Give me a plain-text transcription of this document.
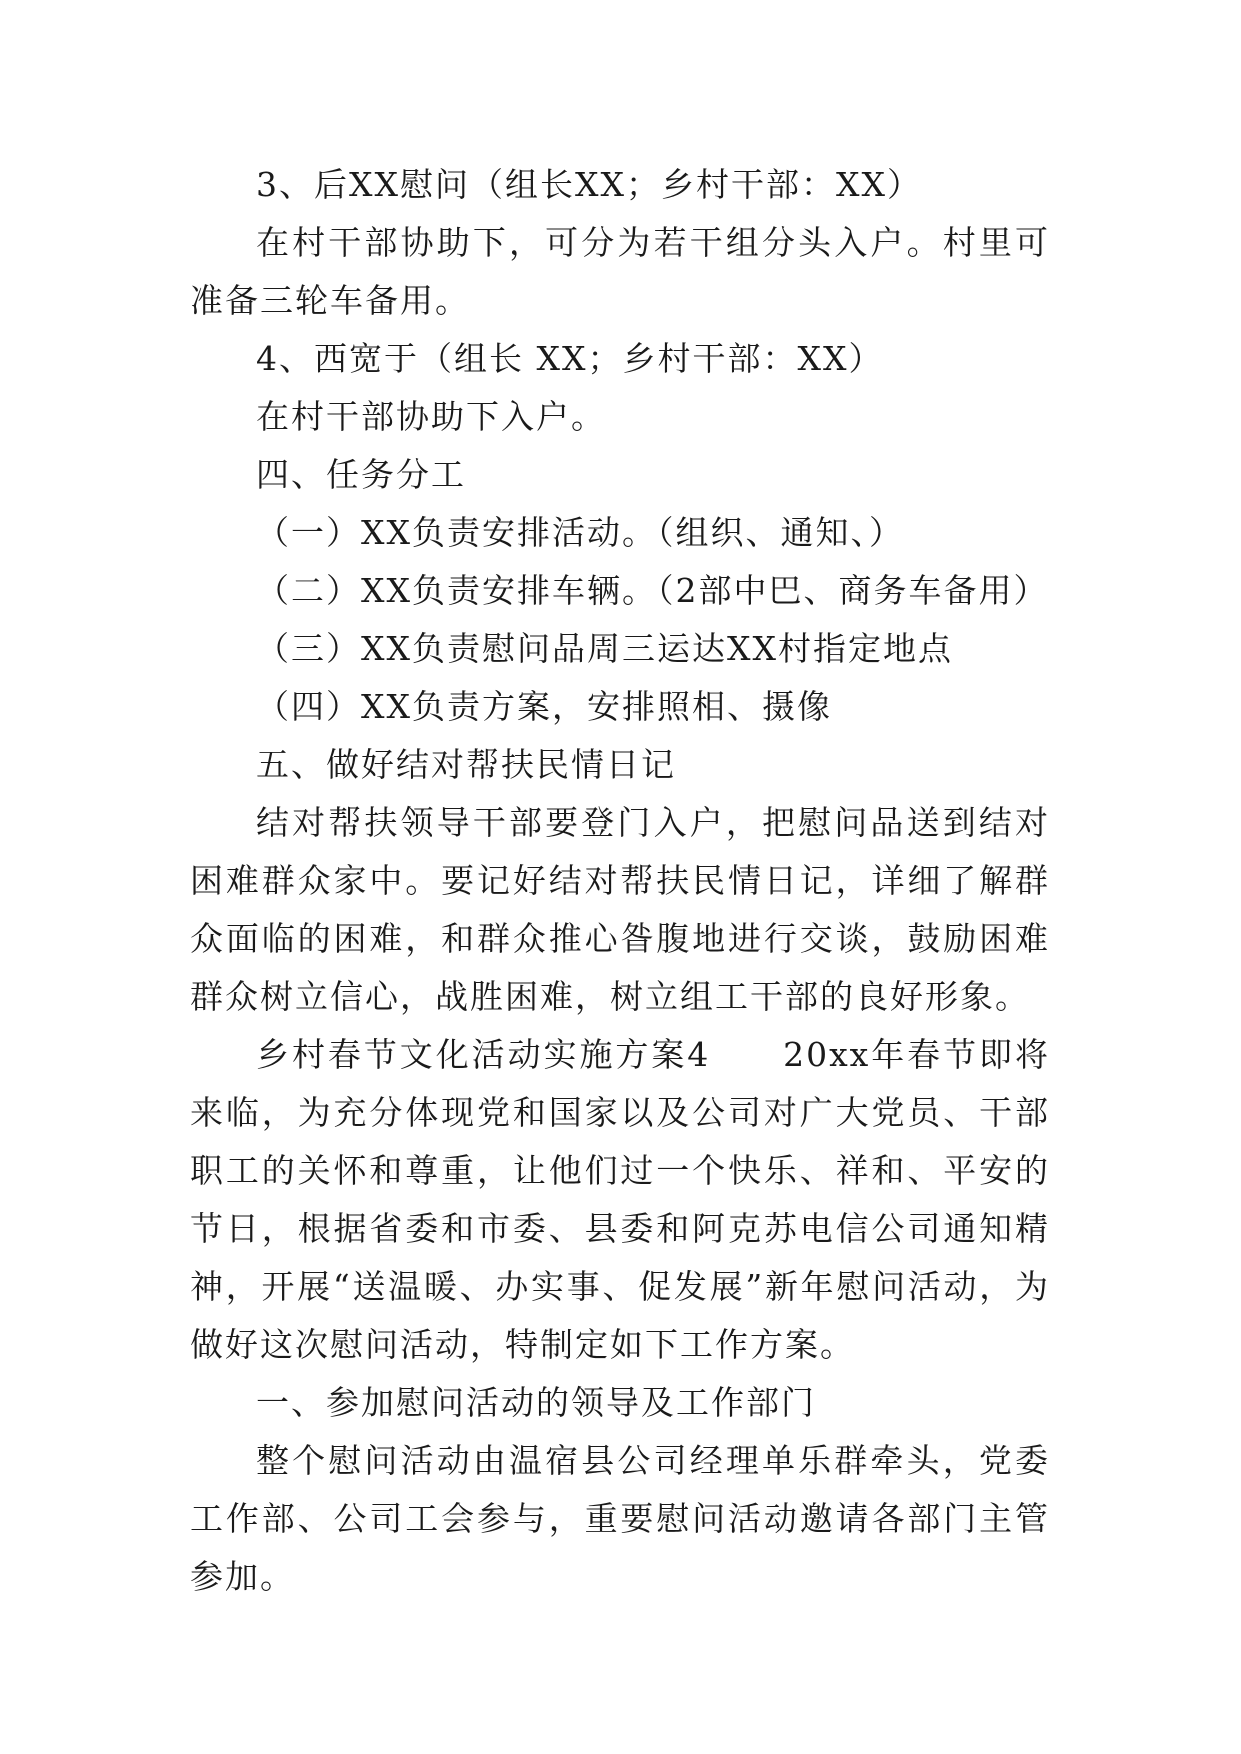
3、后XX慰问（组长XX；乡村干部：XX）

在村干部协助下，可分为若干组分头入户。村里可准备三轮车备用。

4、西宽于（组长 XX；乡村干部：XX）

在村干部协助下入户。

四、任务分工

（一）XX负责安排活动。（组织、通知、）

（二）XX负责安排车辆。（2部中巴、商务车备用）

（三）XX负责慰问品周三运达XX村指定地点

（四）XX负责方案，安排照相、摄像

五、做好结对帮扶民情日记

结对帮扶领导干部要登门入户，把慰问品送到结对困难群众家中。要记好结对帮扶民情日记，详细了解群众面临的困难，和群众推心昝腹地进行交谈，鼓励困难群众树立信心，战胜困难，树立组工干部的良好形象。

乡村春节文化活动实施方案4　　20xx年春节即将来临，为充分体现党和国家以及公司对广大党员、干部职工的关怀和尊重，让他们过一个快乐、祥和、平安的节日，根据省委和市委、县委和阿克苏电信公司通知精神，开展“送温暖、办实事、促发展”新年慰问活动，为做好这次慰问活动，特制定如下工作方案。

一、参加慰问活动的领导及工作部门

整个慰问活动由温宿县公司经理单乐群牵头，党委工作部、公司工会参与，重要慰问活动邀请各部门主管参加。
